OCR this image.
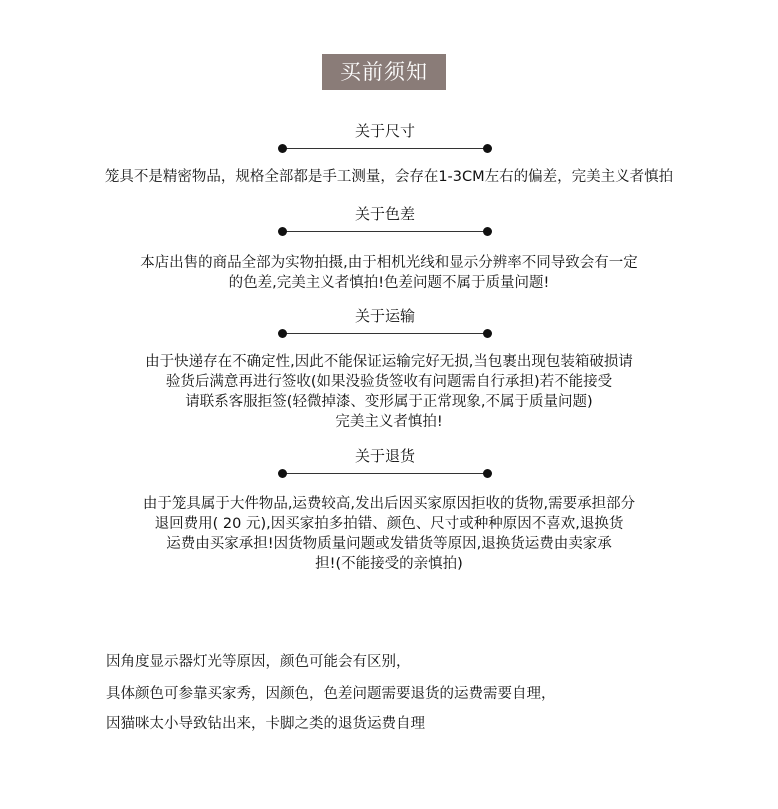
买前须知
关于尺寸
笼具不是精密物品，规格全部都是手工测量，会存在1-3CM左右的偏差，完美主义者慎拍
关于色差
本店出售的商品全部为实物拍摄,由于相机光线和显示分辨率不同导致会有一定
的色差,完美主义者慎拍!色差问题不属于质量问题!
关于运输
由于快递存在不确定性,因此不能保证运输完好无损,当包裹出现包装箱破损请
验货后满意再进行签收(如果没验货签收有问题需自行承担)若不能接受
请联系客服拒签(轻微掉漆、变形属于正常现象,不属于质量问题)
完美主义者慎拍!
关于退货
由于笼具属于大件物品,运费较高,发出后因买家原因拒收的货物,需要承担部分
退回费用( 20 元),因买家拍多拍错、颜色、尺寸或种种原因不喜欢,退换货
运费由买家承担!因货物质量问题或发错货等原因,退换货运费由卖家承
担!(不能接受的亲慎拍)
因角度显示器灯光等原因，颜色可能会有区别，
具体颜色可参靠买家秀，因颜色，色差问题需要退货的运费需要自理，
因猫咪太小导致钻出来，卡脚之类的退货运费自理
